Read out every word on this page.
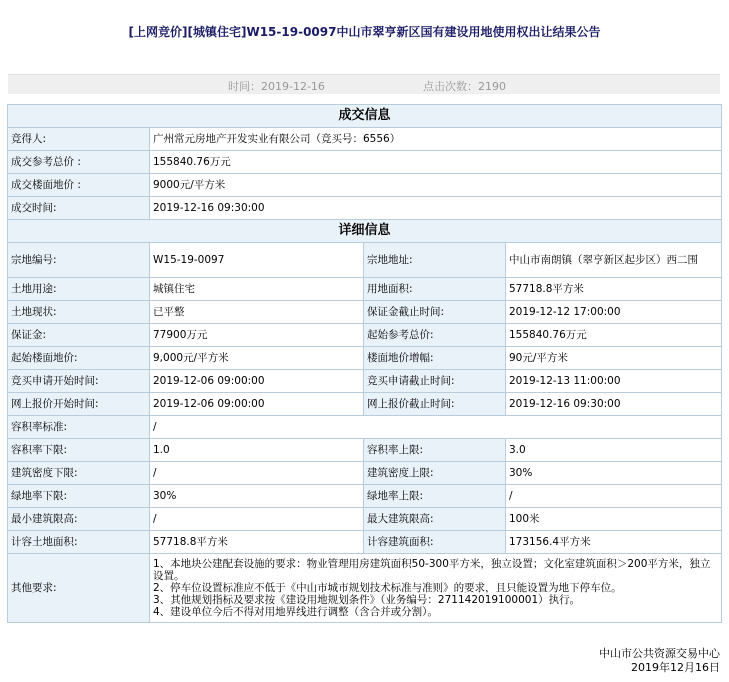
[上网竞价][城镇住宅]W15-19-0097中山市翠亨新区国有建设用地使用权出让结果公告
时间：2019-12-16	点击次数：2190
成交信息			
竞得人:	广州常元房地产开发实业有限公司（竞买号：6556）		
成交参考总价 :	155840.76万元		
成交楼面地价 :	9000元/平方米		
成交时间:	2019-12-16 09:30:00		
详细信息			
宗地编号:	W15-19-0097	宗地地址:	中山市南朗镇（翠亨新区起步区）西二围
土地用途:	城镇住宅	用地面积:	57718.8平方米
土地现状:	已平整	保证金截止时间:	2019-12-12 17:00:00
保证金:	77900万元	起始参考总价:	155840.76万元
起始楼面地价:	9,000元/平方米	楼面地价增幅:	90元/平方米
竞买申请开始时间:	2019-12-06 09:00:00	竞买申请截止时间:	2019-12-13 11:00:00
网上报价开始时间:	2019-12-06 09:00:00	网上报价截止时间:	2019-12-16 09:30:00
容积率标准:	/		
容积率下限:	1.0	容积率上限:	3.0
建筑密度下限:	/	建筑密度上限:	30%
绿地率下限:	30%	绿地率上限:	/
最小建筑限高:	/	最大建筑限高:	100米
计容土地面积:	57718.8平方米	计容建筑面积:	173156.4平方米
其他要求:	1、本地块公建配套设施的要求：物业管理用房建筑面积50-300平方米，独立设置；文化室建筑面积＞200平方米，独立设置。
2、停车位设置标准应不低于《中山市城市规划技术标准与准则》的要求，且只能设置为地下停车位。
3、其他规划指标及要求按《建设用地规划条件》（业务编号：271142019100001）执行。
4、建设单位今后不得对用地界线进行调整（含合并或分割）。		
中山市公共资源交易中心
2019年12月16日
